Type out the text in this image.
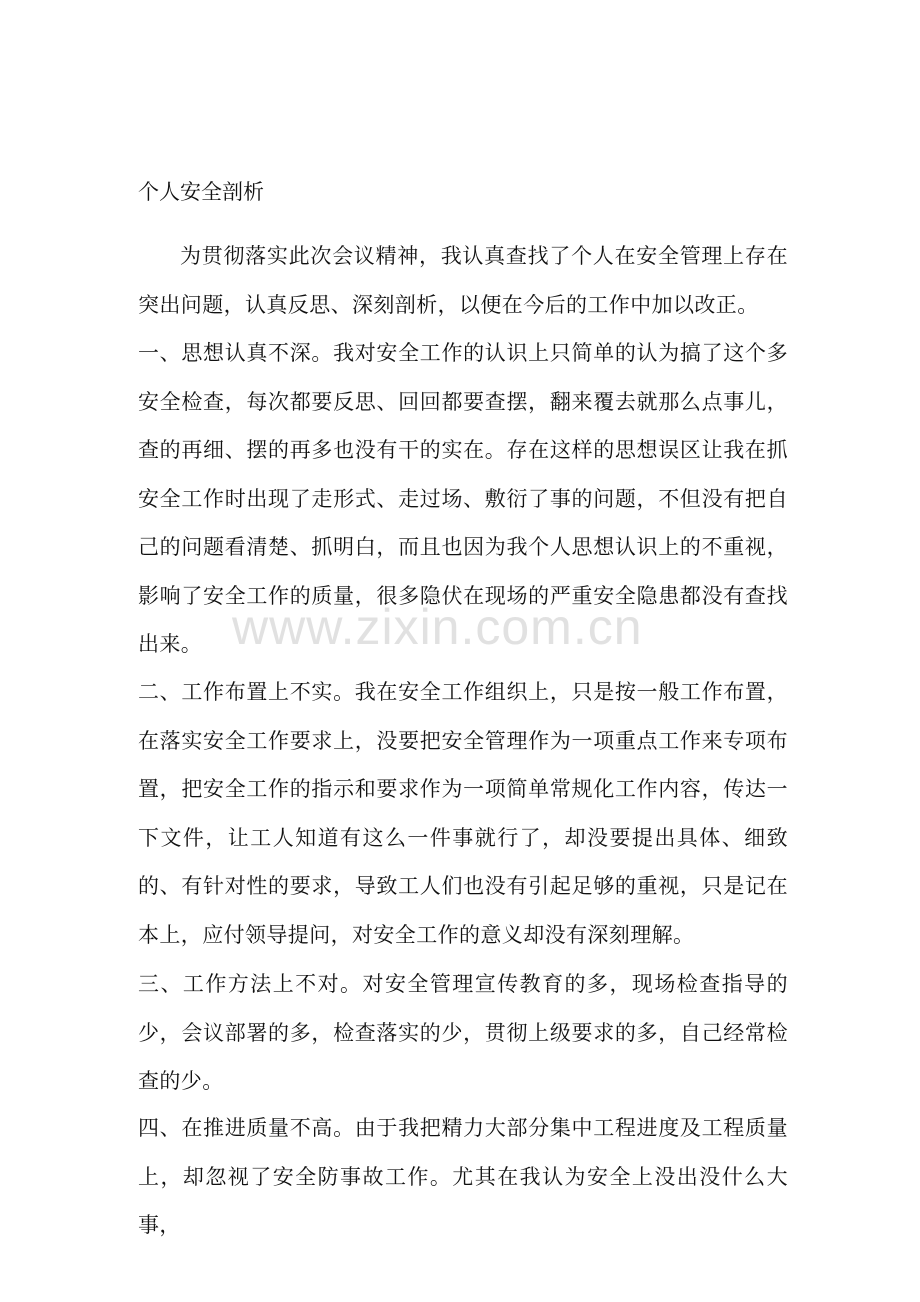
www.zixin.com.cn
个人安全剖析
为贯彻落实此次会议精神，我认真查找了个人在安全管理上存在突出问题，认真反思、深刻剖析，以便在今后的工作中加以改正。
一、思想认真不深。我对安全工作的认识上只简单的认为搞了这个多安全检查，每次都要反思、回回都要查摆，翻来覆去就那么点事儿，查的再细、摆的再多也没有干的实在。存在这样的思想误区让我在抓安全工作时出现了走形式、走过场、敷衍了事的问题，不但没有把自己的问题看清楚、抓明白，而且也因为我个人思想认识上的不重视，影响了安全工作的质量，很多隐伏在现场的严重安全隐患都没有查找出来。
二、工作布置上不实。我在安全工作组织上，只是按一般工作布置，在落实安全工作要求上，没要把安全管理作为一项重点工作来专项布置，把安全工作的指示和要求作为一项简单常规化工作内容，传达一下文件，让工人知道有这么一件事就行了，却没要提出具体、细致的、有针对性的要求，导致工人们也没有引起足够的重视，只是记在本上，应付领导提问，对安全工作的意义却没有深刻理解。
三、工作方法上不对。对安全管理宣传教育的多，现场检查指导的少，会议部署的多，检查落实的少，贯彻上级要求的多，自己经常检查的少。
四、在推进质量不高。由于我把精力大部分集中工程进度及工程质量上，却忽视了安全防事故工作。尤其在我认为安全上没出没什么大事，
